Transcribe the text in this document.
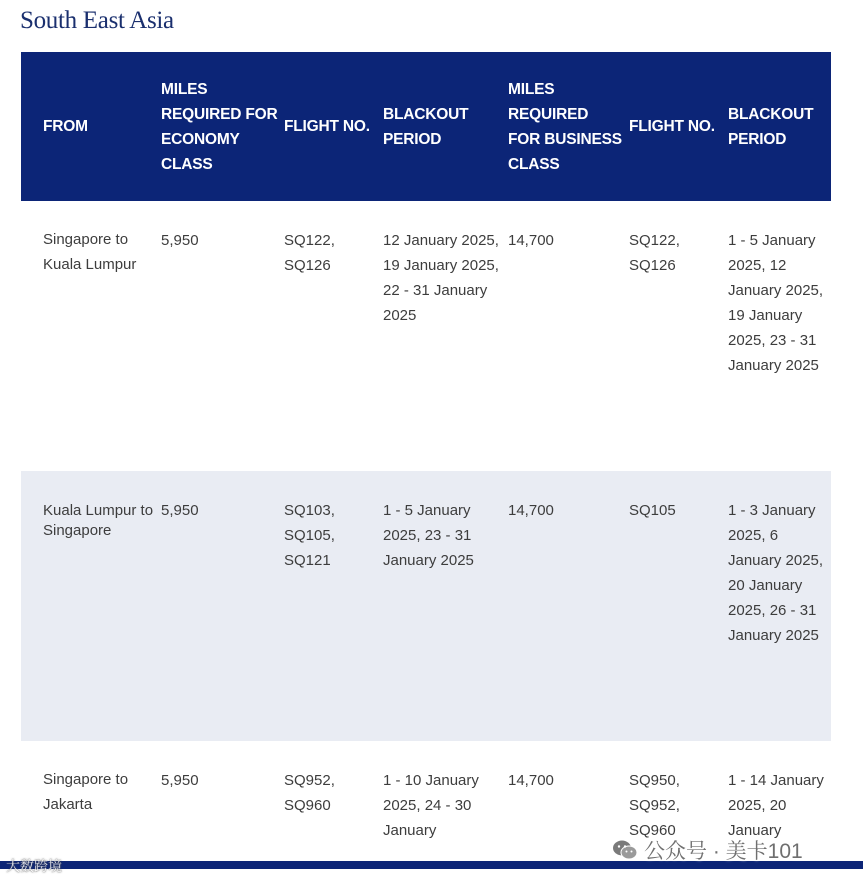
South East Asia
FROM	MILES REQUIRED FOR ECONOMY CLASS	FLIGHT NO.	BLACKOUT PERIOD	MILES REQUIRED FOR BUSINESS CLASS	FLIGHT NO.	BLACKOUT PERIOD
Singapore to Kuala Lumpur	5,950	SQ122, SQ126	12 January 2025, 19 January 2025, 22 - 31 January 2025	14,700	SQ122, SQ126	1 - 5 January 2025, 12 January 2025, 19 January 2025, 23 - 31 January 2025
Kuala Lumpur to Singapore	5,950	SQ103, SQ105, SQ121	1 - 5 January 2025, 23 - 31 January 2025	14,700	SQ105	1 - 3 January 2025, 6 January 2025, 20 January 2025, 26 - 31 January 2025
Singapore to Jakarta	5,950	SQ952, SQ960	1 - 10 January 2025, 24 - 30 January	14,700	SQ950, SQ952, SQ960	1 - 14 January 2025, 20 January
大数跨境
公众号 · 美卡101
